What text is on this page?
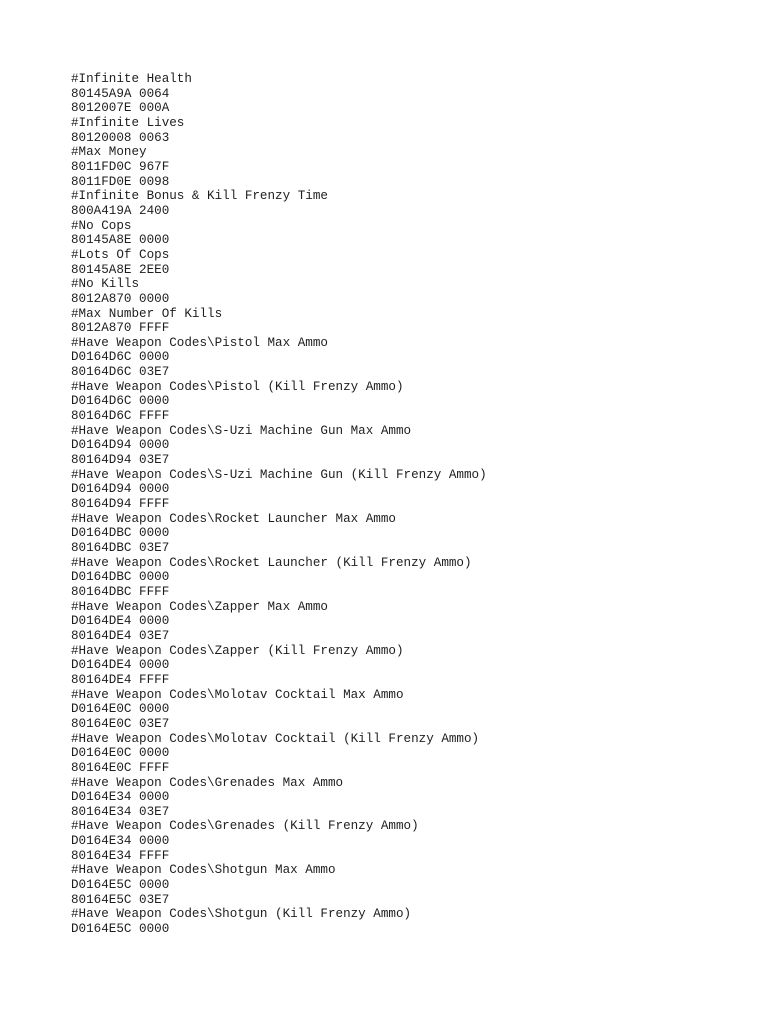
#Infinite Health
80145A9A 0064
8012007E 000A
#Infinite Lives
80120008 0063
#Max Money
8011FD0C 967F
8011FD0E 0098
#Infinite Bonus & Kill Frenzy Time
800A419A 2400
#No Cops
80145A8E 0000
#Lots Of Cops
80145A8E 2EE0
#No Kills
8012A870 0000
#Max Number Of Kills
8012A870 FFFF
#Have Weapon Codes\Pistol Max Ammo
D0164D6C 0000
80164D6C 03E7
#Have Weapon Codes\Pistol (Kill Frenzy Ammo)
D0164D6C 0000
80164D6C FFFF
#Have Weapon Codes\S-Uzi Machine Gun Max Ammo
D0164D94 0000
80164D94 03E7
#Have Weapon Codes\S-Uzi Machine Gun (Kill Frenzy Ammo)
D0164D94 0000
80164D94 FFFF
#Have Weapon Codes\Rocket Launcher Max Ammo
D0164DBC 0000
80164DBC 03E7
#Have Weapon Codes\Rocket Launcher (Kill Frenzy Ammo)
D0164DBC 0000
80164DBC FFFF
#Have Weapon Codes\Zapper Max Ammo
D0164DE4 0000
80164DE4 03E7
#Have Weapon Codes\Zapper (Kill Frenzy Ammo)
D0164DE4 0000
80164DE4 FFFF
#Have Weapon Codes\Molotav Cocktail Max Ammo
D0164E0C 0000
80164E0C 03E7
#Have Weapon Codes\Molotav Cocktail (Kill Frenzy Ammo)
D0164E0C 0000
80164E0C FFFF
#Have Weapon Codes\Grenades Max Ammo
D0164E34 0000
80164E34 03E7
#Have Weapon Codes\Grenades (Kill Frenzy Ammo)
D0164E34 0000
80164E34 FFFF
#Have Weapon Codes\Shotgun Max Ammo
D0164E5C 0000
80164E5C 03E7
#Have Weapon Codes\Shotgun (Kill Frenzy Ammo)
D0164E5C 0000
